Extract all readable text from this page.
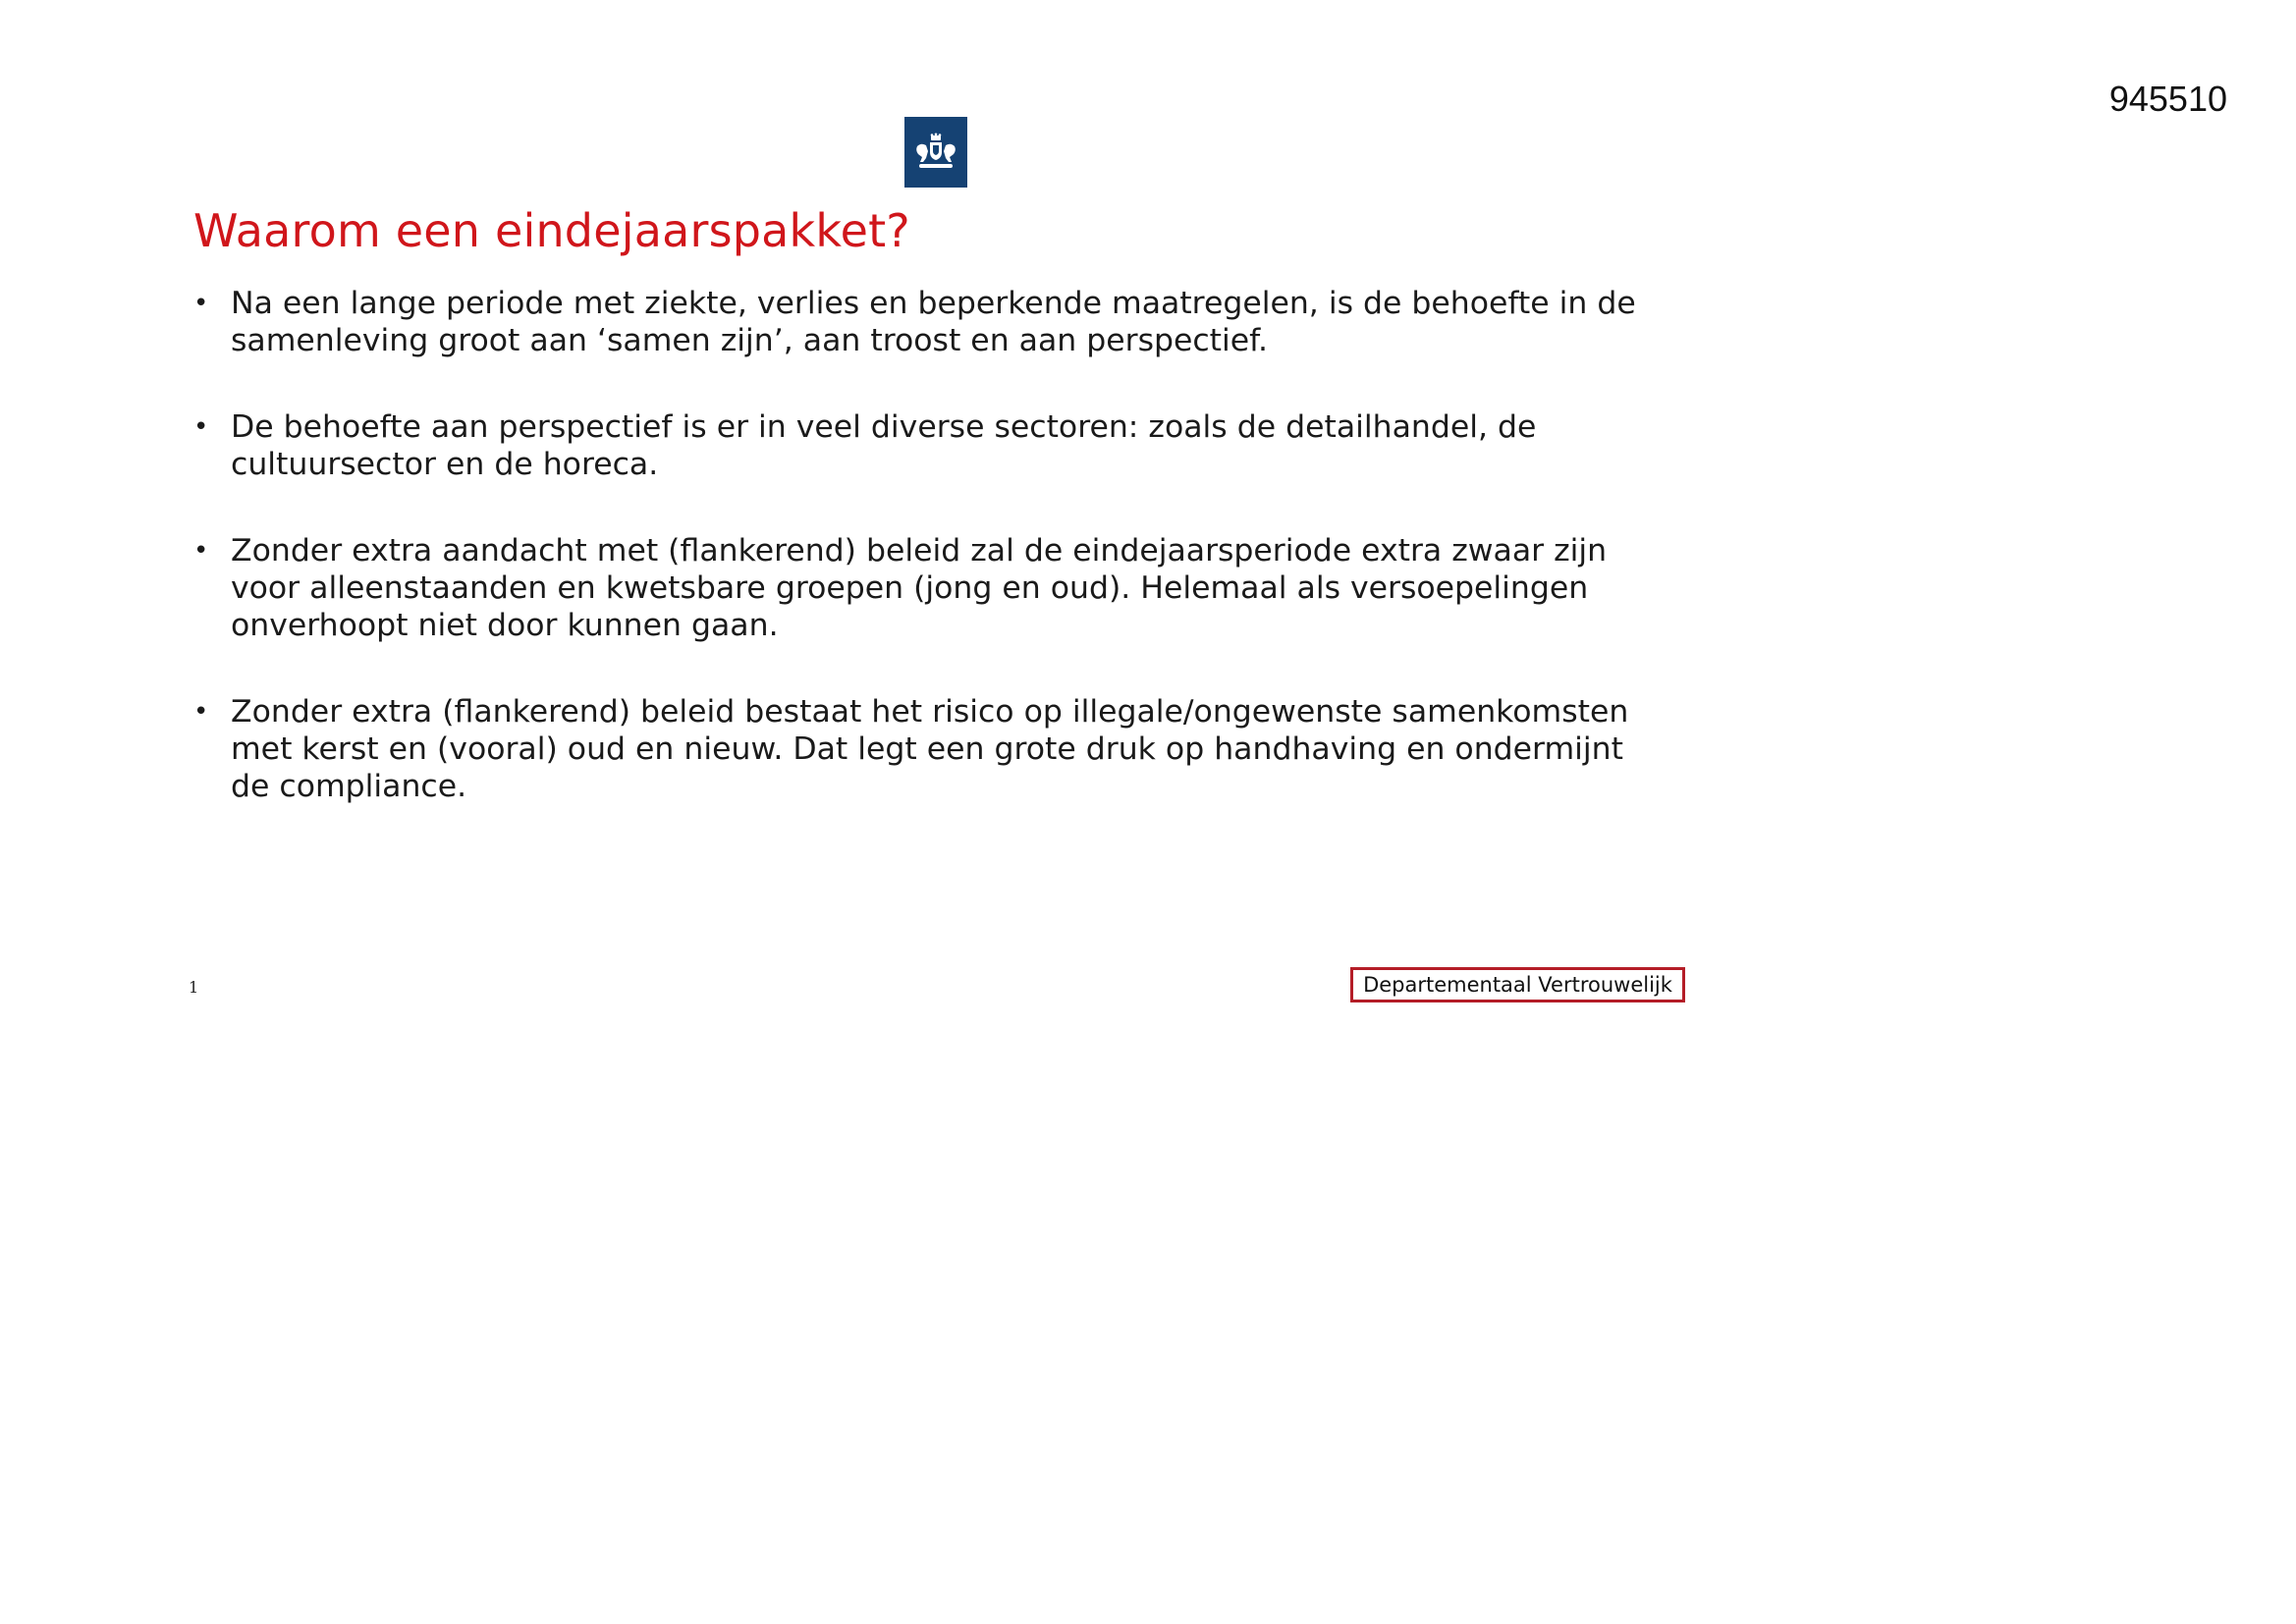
945510
Waarom een eindejaarspakket?
• Na een lange periode met ziekte, verlies en beperkende maatregelen, is de behoefte in de samenleving groot aan ‘samen zijn’, aan troost en aan perspectief.
• De behoefte aan perspectief is er in veel diverse sectoren: zoals de detailhandel, de cultuursector en de horeca.
• Zonder extra aandacht met (flankerend) beleid zal de eindejaarsperiode extra zwaar zijn voor alleenstaanden en kwetsbare groepen (jong en oud). Helemaal als versoepelingen onverhoopt niet door kunnen gaan.
• Zonder extra (flankerend) beleid bestaat het risico op illegale/ongewenste samenkomsten met kerst en (vooral) oud en nieuw. Dat legt een grote druk op handhaving en ondermijnt de compliance.
1	Departementaal Vertrouwelijk
